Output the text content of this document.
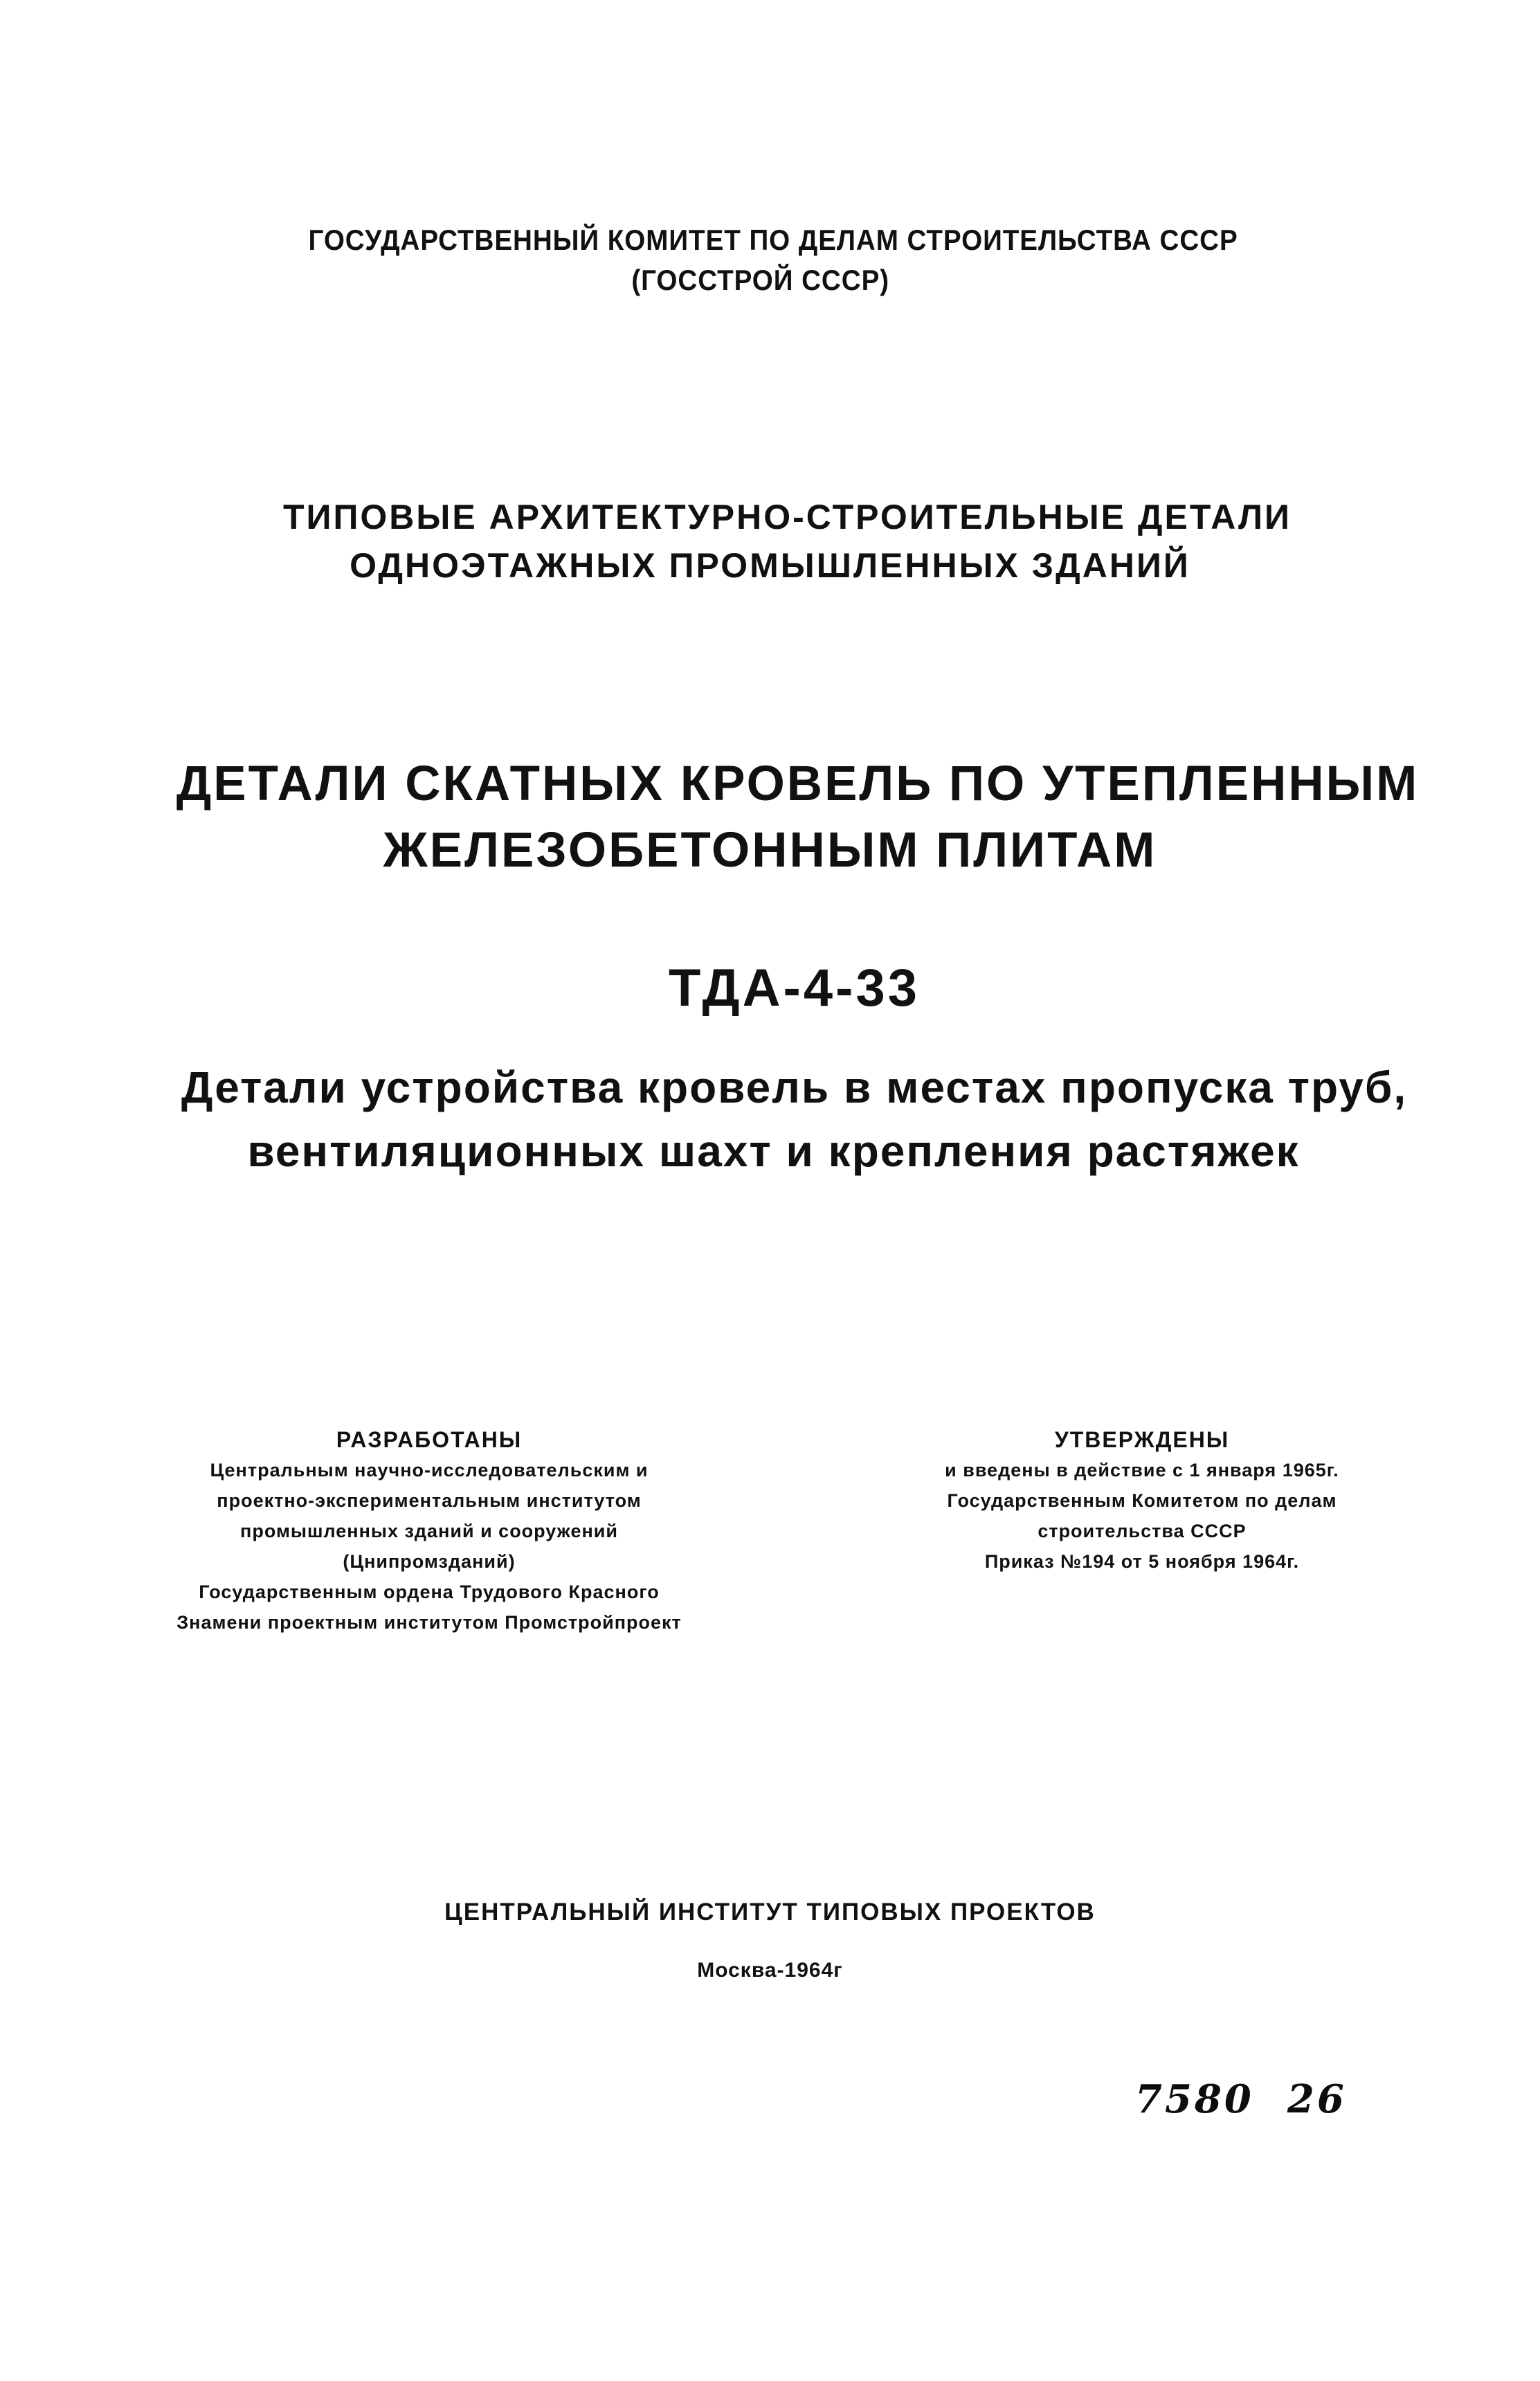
ГОСУДАРСТВЕННЫЙ КОМИТЕТ ПО ДЕЛАМ СТРОИТЕЛЬСТВА СССР
(ГОССТРОЙ СССР)
ТИПОВЫЕ АРХИТЕКТУРНО-СТРОИТЕЛЬНЫЕ ДЕТАЛИ
ОДНОЭТАЖНЫХ ПРОМЫШЛЕННЫХ ЗДАНИЙ
ДЕТАЛИ СКАТНЫХ КРОВЕЛЬ ПО УТЕПЛЕННЫМ
ЖЕЛЕЗОБЕТОННЫМ ПЛИТАМ
ТДА-4-33
Детали устройства кровель в местах пропуска труб,
вентиляционных шахт и крепления растяжек
РАЗРАБОТАНЫ
Центральным научно-исследовательским и
проектно-экспериментальным институтом
промышленных зданий и сооружений
(Цнипромзданий)
Государственным ордена Трудового Красного
Знамени проектным институтом Промстройпроект
УТВЕРЖДЕНЫ
и введены в действие с 1 января 1965г.
Государственным Комитетом по делам
строительства СССР
Приказ №194 от 5 ноября 1964г.
ЦЕНТРАЛЬНЫЙ ИНСТИТУТ ТИПОВЫХ ПРОЕКТОВ
Москва-1964г
7580 26
